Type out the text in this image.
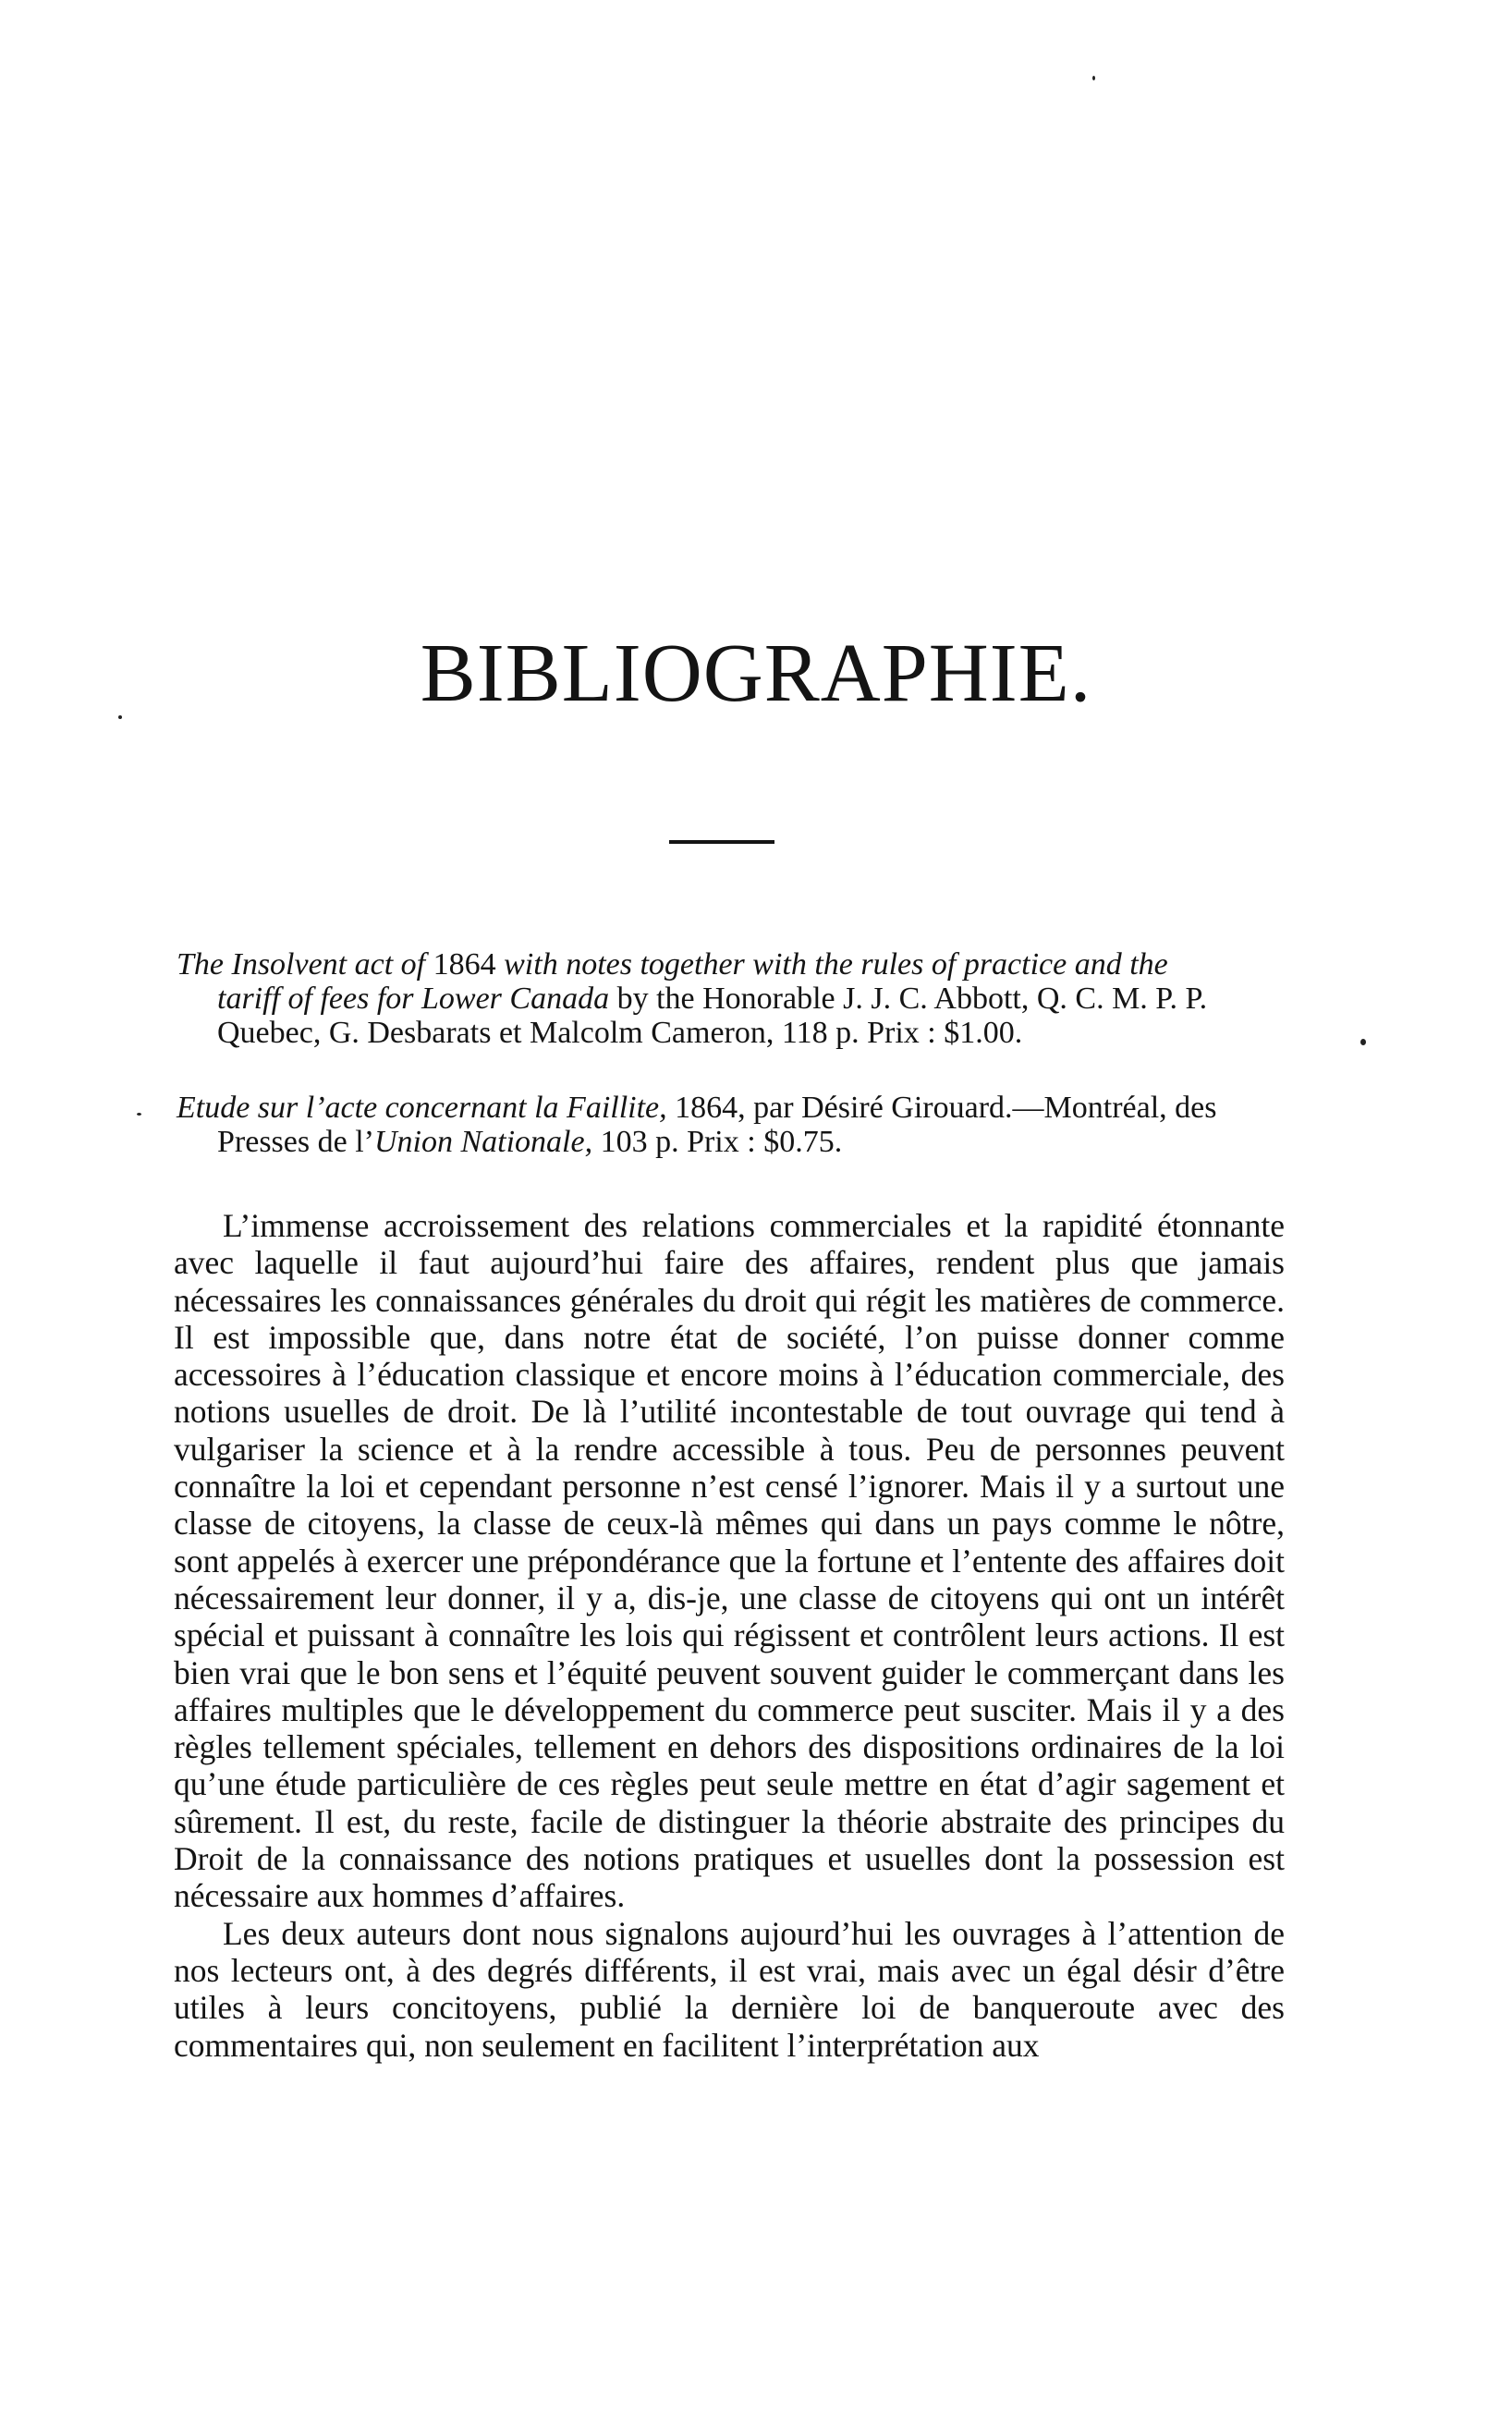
BIBLIOGRAPHIE.
The Insolvent act of 1864 with notes together with the rules of practice and the
tariff of fees for Lower Canada by the Honorable J. J. C. Abbott, Q. C. M. P. P.
Quebec, G. Desbarats et Malcolm Cameron, 118 p. Prix : $1.00.
Etude sur l’acte concernant la Faillite, 1864, par Désiré Girouard.—Montréal, des
Presses de l’Union Nationale, 103 p. Prix : $0.75.

L’immense accroissement des relations commerciales et la rapidité étonnante avec laquelle il faut aujourd’hui faire des affaires, rendent plus que jamais nécessaires les connaissances générales du droit qui régit les matières de commerce. Il est impossible que, dans notre état de société, l’on puisse donner comme accessoires à l’éducation classique et encore moins à l’éducation commerciale, des notions usuelles de droit. De là l’utilité incontestable de tout ouvrage qui tend à vulgariser la science et à la rendre accessible à tous. Peu de personnes peuvent connaître la loi et cependant personne n’est censé l’ignorer. Mais il y a surtout une classe de citoyens, la classe de ceux-là mêmes qui dans un pays comme le nôtre, sont appelés à exercer une prépondérance que la fortune et l’entente des affaires doit nécessairement leur donner, il y a, dis-je, une classe de citoyens qui ont un intérêt spécial et puissant à connaître les lois qui régissent et contrôlent leurs actions. Il est bien vrai que le bon sens et l’équité peuvent souvent guider le commerçant dans les affaires multiples que le développement du commerce peut susciter. Mais il y a des règles tellement spéciales, tellement en dehors des dispositions ordinaires de la loi qu’une étude particulière de ces règles peut seule mettre en état d’agir sagement et sûrement. Il est, du reste, facile de distinguer la théorie abstraite des principes du Droit de la connaissance des notions pratiques et usuelles dont la possession est nécessaire aux hommes d’affaires.

Les deux auteurs dont nous signalons aujourd’hui les ouvrages à l’attention de nos lecteurs ont, à des degrés différents, il est vrai, mais avec un égal désir d’être utiles à leurs concitoyens, publié la dernière loi de banqueroute avec des commentaires qui, non seulement en facilitent l’interprétation aux
